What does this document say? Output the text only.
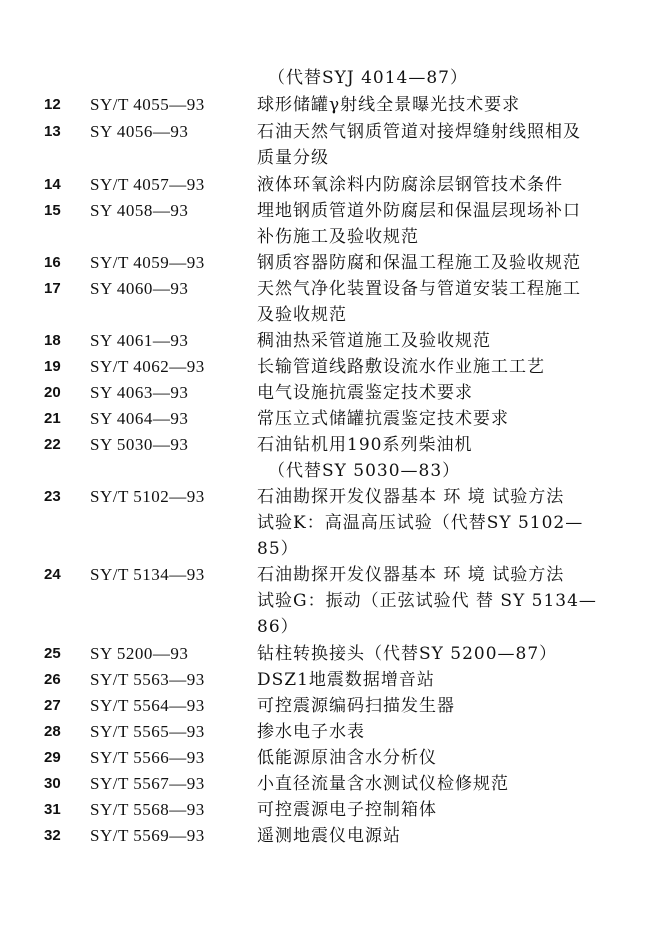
（代替SYJ 4014—87）
12	SY/T 4055—93	球形储罐γ射线全景曝光技术要求
13	SY 4056—93	石油天然气钢质管道对接焊缝射线照相及
质量分级
14	SY/T 4057—93	液体环氧涂料内防腐涂层钢管技术条件
15	SY 4058—93	埋地钢质管道外防腐层和保温层现场补口
补伤施工及验收规范
16	SY/T 4059—93	钢质容器防腐和保温工程施工及验收规范
17	SY 4060—93	天然气净化装置设备与管道安装工程施工
及验收规范
18	SY 4061—93	稠油热采管道施工及验收规范
19	SY/T 4062—93	长输管道线路敷设流水作业施工工艺
20	SY 4063—93	电气设施抗震鉴定技术要求
21	SY 4064—93	常压立式储罐抗震鉴定技术要求
22	SY 5030—93	石油钻机用190系列柴油机
（代替SY 5030—83）
23	SY/T 5102—93	石油勘探开发仪器基本 环 境 试验方法
试验K：高温高压试验（代替SY 5102—
85）
24	SY/T 5134—93	石油勘探开发仪器基本 环 境 试验方法
试验G：振动（正弦试验代 替 SY 5134—
86）
25	SY 5200—93	钻柱转换接头（代替SY 5200—87）
26	SY/T 5563—93	DSZ1地震数据增音站
27	SY/T 5564—93	可控震源编码扫描发生器
28	SY/T 5565—93	掺水电子水表
29	SY/T 5566—93	低能源原油含水分析仪
30	SY/T 5567—93	小直径流量含水测试仪检修规范
31	SY/T 5568—93	可控震源电子控制箱体
32	SY/T 5569—93	遥测地震仪电源站
